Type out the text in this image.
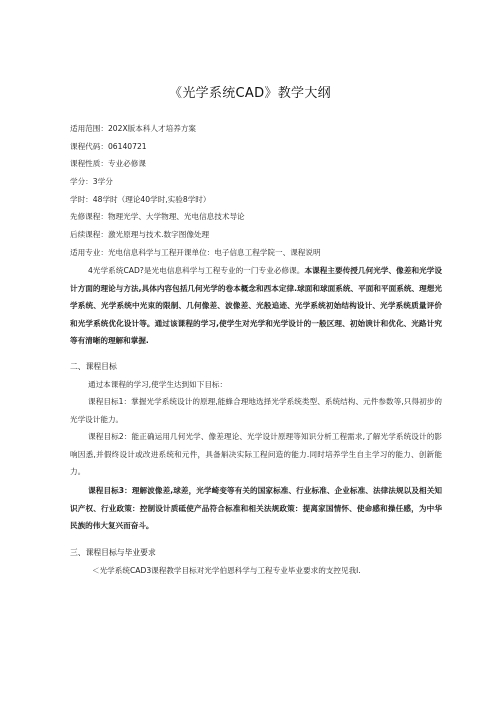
《光学系统CAD》教学大纲
适用范围：202X版本科人才培养方案
课程代码：06140721
课程性质：专业必修课
学分：3学分
学时：48学时（理论40学时,实验8学时）
先修课程：物理光学、大学物理、光电信息技术导论
后续课程：激光原理与技术.数字图像处理
适用专业：光电信息科学与工程开课单位：电子信息工程学院一、课程说明
4光学系统CAD?是光电信息科学与工程专业的一门专业必修课。本课程主要传授几何光学、像差和光学设计方面的理论与方法,具体内容包括几何光学的卷本概念和西本定律.球面和球面系统、平面和平面系统、理想光学系统、光学系统中光束的限制、几何像差、波像差、光般追迹、光学系统初始结构设计、光学系统质量评价和光学系统优化设计等。通过该课程的学习,使学生对光学和光学设计的一般区理、初始谀计和优化、光路计究等有清晰的理解和掌握.
二、课程目标
通过本课程的学习,使学生达到如下目标：
课程目标1：掌握光学系统设计的原理,能蜂合理地选择光学系统类型、系统结构、元件参数等,只得初步的光学设计能力。
课程目标2：能正确运用几何光学、像差理论、光学设计原理等知识分析工程需求,了解光学系统设计的影响因悉,并假终设计或改进系统和元件，具备斛决实际工程问造的能力.同时培养学生自主学习的能力、创新能力。
课程目标3：理解波像差,球差，光学崎变等有关的国家标准、行业标准、企业标准、法律法规以及相关知识产权、行业政策：控制设计质砥使产品符合标准和相关法规政策：提离家国情怀、使命感和操任感，为中华民族的伟大复兴而奋斗。
三、课程目标与毕业要求
＜光学系统CAD3课程教学目标对光学伯恩科学与工程专业毕业要求的支控见我l.
